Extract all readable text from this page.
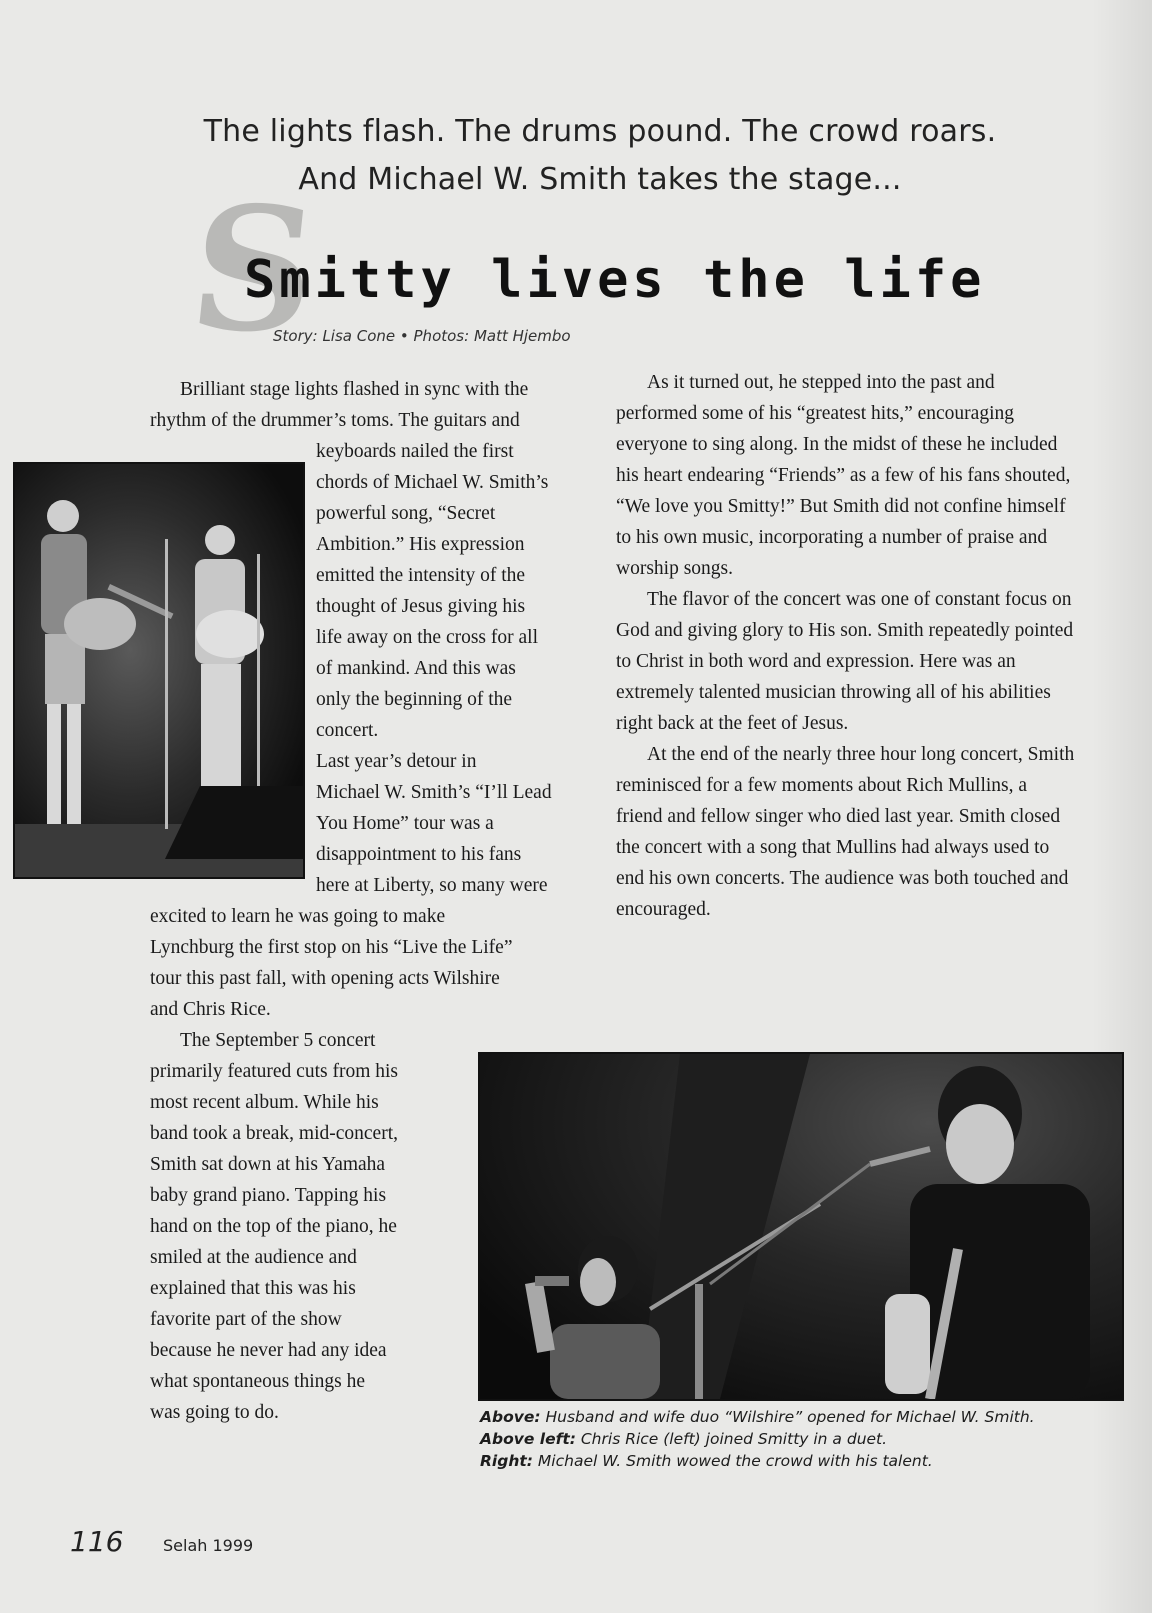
The lights flash. The drums pound. The crowd roars.
And Michael W. Smith takes the stage...
S
Smitty lives the life
Story: Lisa Cone • Photos: Matt Hjembo
Brilliant stage lights flashed in sync with the
rhythm of the drummer’s toms. The guitars and
keyboards nailed the first
chords of Michael W. Smith’s
powerful song, “Secret
Ambition.” His expression
emitted the intensity of the
thought of Jesus giving his
life away on the cross for all
of mankind. And this was
only the beginning of the
concert.
Last year’s detour in
Michael W. Smith’s “I’ll Lead
You Home” tour was a
disappointment to his fans
here at Liberty, so many were
excited to learn he was going to make
Lynchburg the first stop on his “Live the Life”
tour this past fall, with opening acts Wilshire
and Chris Rice.
The September 5 concert
primarily featured cuts from his
most recent album. While his
band took a break, mid-concert,
Smith sat down at his Yamaha
baby grand piano. Tapping his
hand on the top of the piano, he
smiled at the audience and
explained that this was his
favorite part of the show
because he never had any idea
what spontaneous things he
was going to do.

As it turned out, he stepped into the past and performed some of his “greatest hits,” encouraging everyone to sing along. In the midst of these he included his heart endearing “Friends” as a few of his fans shouted, “We love you Smitty!” But Smith did not confine himself to his own music, incorporating a number of praise and worship songs.

The flavor of the concert was one of constant focus on God and giving glory to His son. Smith repeatedly pointed to Christ in both word and expression. Here was an extremely talented musician throwing all of his abilities right back at the feet of Jesus.

At the end of the nearly three hour long concert, Smith reminisced for a few moments about Rich Mullins, a friend and fellow singer who died last year. Smith closed the concert with a song that Mullins had always used to end his own concerts. The audience was both touched and encouraged.

Above: Husband and wife duo “Wilshire” opened for Michael W. Smith.
Above left: Chris Rice (left) joined Smitty in a duet.
Right: Michael W. Smith wowed the crowd with his talent.
116 Selah 1999
